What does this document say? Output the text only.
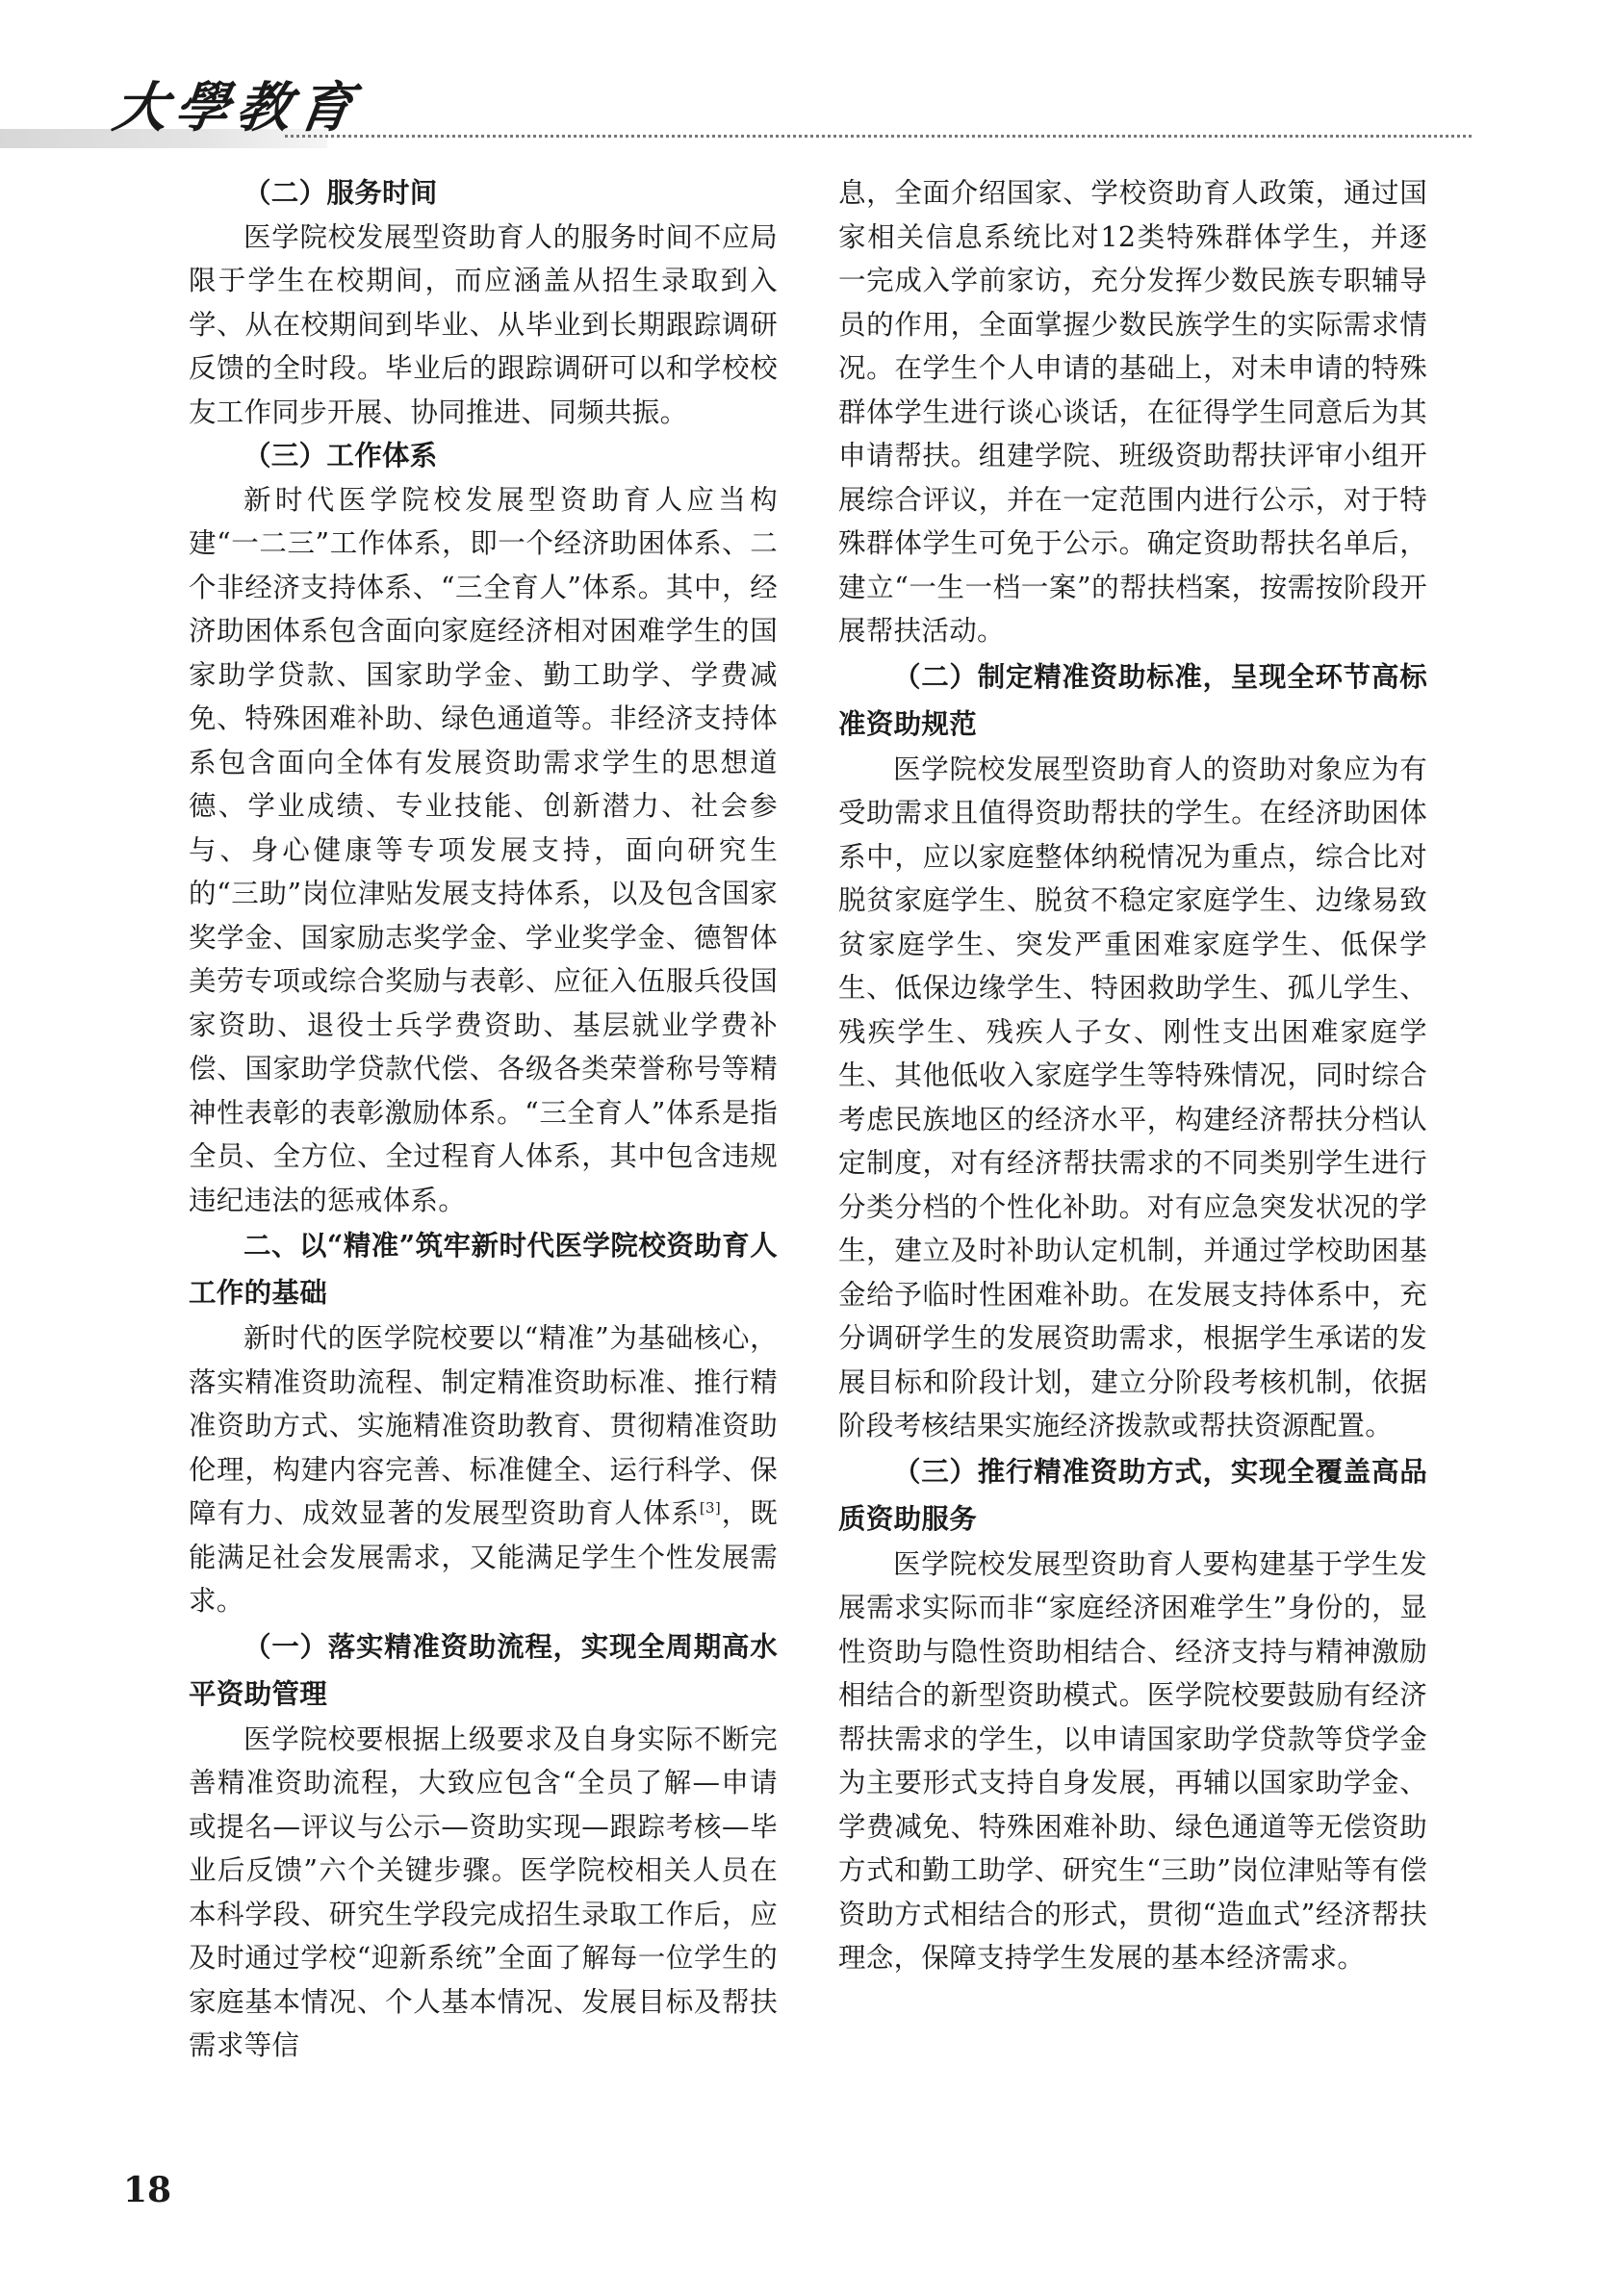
大學教育

（二）服务时间

医学院校发展型资助育人的服务时间不应局限于学生在校期间，而应涵盖从招生录取到入学、从在校期间到毕业、从毕业到长期跟踪调研反馈的全时段。毕业后的跟踪调研可以和学校校友工作同步开展、协同推进、同频共振。

（三）工作体系

新时代医学院校发展型资助育人应当构建“一二三”工作体系，即一个经济助困体系、二个非经济支持体系、“三全育人”体系。其中，经济助困体系包含面向家庭经济相对困难学生的国家助学贷款、国家助学金、勤工助学、学费减免、特殊困难补助、绿色通道等。非经济支持体系包含面向全体有发展资助需求学生的思想道德、学业成绩、专业技能、创新潜力、社会参与、身心健康等专项发展支持，面向研究生的“三助”岗位津贴发展支持体系，以及包含国家奖学金、国家励志奖学金、学业奖学金、德智体美劳专项或综合奖励与表彰、应征入伍服兵役国家资助、退役士兵学费资助、基层就业学费补偿、国家助学贷款代偿、各级各类荣誉称号等精神性表彰的表彰激励体系。“三全育人”体系是指全员、全方位、全过程育人体系，其中包含违规违纪违法的惩戒体系。

二、以“精准”筑牢新时代医学院校资助育人工作的基础

新时代的医学院校要以“精准”为基础核心，落实精准资助流程、制定精准资助标准、推行精准资助方式、实施精准资助教育、贯彻精准资助伦理，构建内容完善、标准健全、运行科学、保障有力、成效显著的发展型资助育人体系[3]，既能满足社会发展需求，又能满足学生个性发展需求。

（一）落实精准资助流程，实现全周期高水平资助管理

医学院校要根据上级要求及自身实际不断完善精准资助流程，大致应包含“全员了解—申请或提名—评议与公示—资助实现—跟踪考核—毕业后反馈”六个关键步骤。医学院校相关人员在本科学段、研究生学段完成招生录取工作后，应及时通过学校“迎新系统”全面了解每一位学生的家庭基本情况、个人基本情况、发展目标及帮扶需求等信

息，全面介绍国家、学校资助育人政策，通过国家相关信息系统比对12类特殊群体学生，并逐一完成入学前家访，充分发挥少数民族专职辅导员的作用，全面掌握少数民族学生的实际需求情况。在学生个人申请的基础上，对未申请的特殊群体学生进行谈心谈话，在征得学生同意后为其申请帮扶。组建学院、班级资助帮扶评审小组开展综合评议，并在一定范围内进行公示，对于特殊群体学生可免于公示。确定资助帮扶名单后，建立“一生一档一案”的帮扶档案，按需按阶段开展帮扶活动。

（二）制定精准资助标准，呈现全环节高标准资助规范

医学院校发展型资助育人的资助对象应为有受助需求且值得资助帮扶的学生。在经济助困体系中，应以家庭整体纳税情况为重点，综合比对脱贫家庭学生、脱贫不稳定家庭学生、边缘易致贫家庭学生、突发严重困难家庭学生、低保学生、低保边缘学生、特困救助学生、孤儿学生、残疾学生、残疾人子女、刚性支出困难家庭学生、其他低收入家庭学生等特殊情况，同时综合考虑民族地区的经济水平，构建经济帮扶分档认定制度，对有经济帮扶需求的不同类别学生进行分类分档的个性化补助。对有应急突发状况的学生，建立及时补助认定机制，并通过学校助困基金给予临时性困难补助。在发展支持体系中，充分调研学生的发展资助需求，根据学生承诺的发展目标和阶段计划，建立分阶段考核机制，依据阶段考核结果实施经济拨款或帮扶资源配置。

（三）推行精准资助方式，实现全覆盖高品质资助服务

医学院校发展型资助育人要构建基于学生发展需求实际而非“家庭经济困难学生”身份的，显性资助与隐性资助相结合、经济支持与精神激励相结合的新型资助模式。医学院校要鼓励有经济帮扶需求的学生，以申请国家助学贷款等贷学金为主要形式支持自身发展，再辅以国家助学金、学费减免、特殊困难补助、绿色通道等无偿资助方式和勤工助学、研究生“三助”岗位津贴等有偿资助方式相结合的形式，贯彻“造血式”经济帮扶理念，保障支持学生发展的基本经济需求。

18
